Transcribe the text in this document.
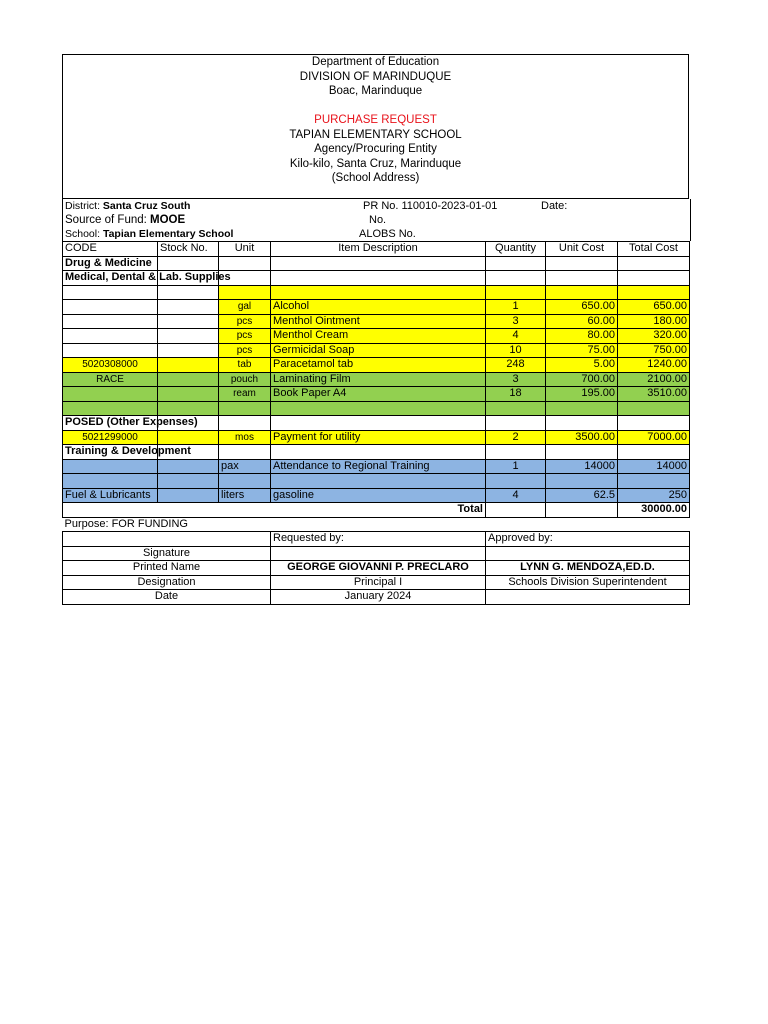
Department of Education
DIVISION OF MARINDUQUE
Boac, Marinduque
PURCHASE REQUEST
TAPIAN ELEMENTARY SCHOOL
Agency/Procuring Entity
Kilo-kilo, Santa Cruz, Marinduque
(School Address)
District: Santa Cruz South
Source of Fund: MOOE
School: Tapian Elementary School
PR No. 110010-2023-01-01	Date:
No.
ALOBS No.
CODE	Stock No.	Unit	Item Description	Quantity	Unit Cost	Total Cost
Drug & Medicine						
Medical, Dental & Lab. Supplies						

		gal	Alcohol	1	650.00	650.00
		pcs	Menthol Ointment	3	60.00	180.00
		pcs	Menthol Cream	4	80.00	320.00
		pcs	Germicidal Soap	10	75.00	750.00
5020308000		tab	Paracetamol tab	248	5.00	1240.00
RACE		pouch	Laminating Film	3	700.00	2100.00
		ream	Book Paper A4	18	195.00	3510.00

POSED (Other Expenses)						
5021299000		mos	Payment for utility	2	3500.00	7000.00
Training & Development						
		pax	Attendance to Regional Training	1	14000	14000

Fuel & Lubricants		liters	gasoline	4	62.5	250
			Total			30000.00
Purpose: FOR FUNDING						
			Requested by:	Approved by:		
Signature						
Printed Name			GEORGE GIOVANNI P. PRECLARO	LYNN G. MENDOZA,ED.D.		
Designation			Principal I	Schools Division Superintendent		
Date			January 2024			
